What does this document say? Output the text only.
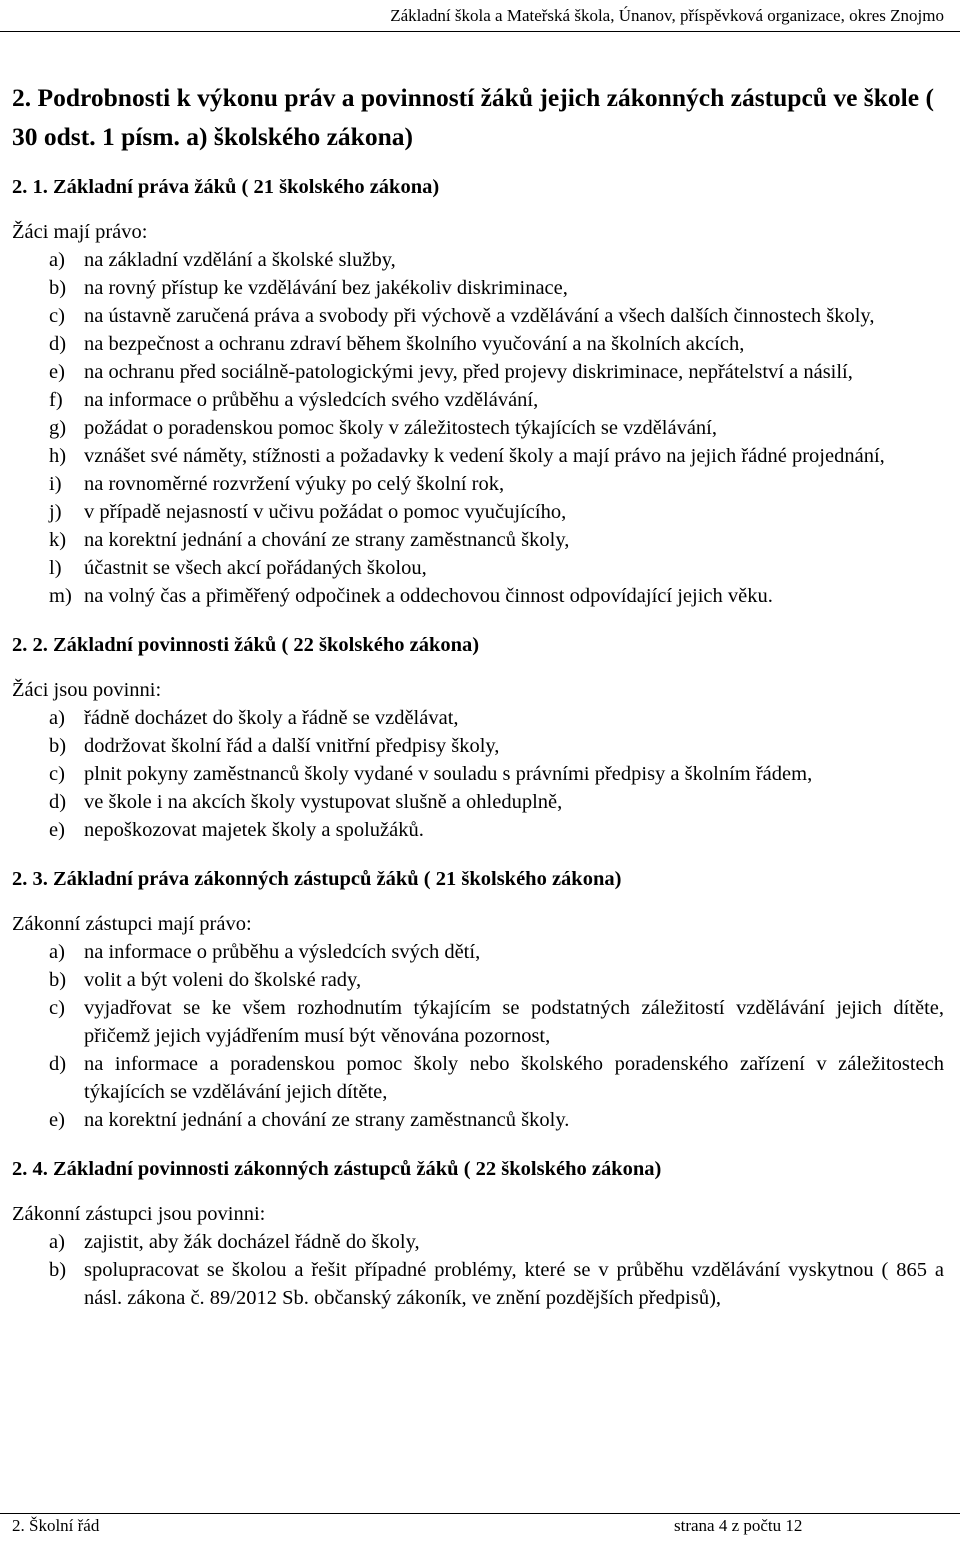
Základní škola a Mateřská škola, Únanov, příspěvková organizace, okres Znojmo
2. Podrobnosti k výkonu práv a povinností žáků jejich zákonných zástupců ve škole ( 30 odst. 1 písm. a) školského zákona)
2. 1. Základní práva žáků ( 21 školského zákona)

Žáci mají právo:

a) na základní vzdělání a školské služby,
b) na rovný přístup ke vzdělávání bez jakékoliv diskriminace,
c) na ústavně zaručená práva a svobody při výchově a vzdělávání a všech dalších činnostech školy,
d) na bezpečnost a ochranu zdraví během školního vyučování a na školních akcích,
e) na ochranu před sociálně-patologickými jevy, před projevy diskriminace, nepřátelství a násilí,
f)	na informace o průběhu a výsledcích svého vzdělávání,
g) požádat o poradenskou pomoc školy v záležitostech týkajících se vzdělávání,
h) vznášet své náměty, stížnosti a požadavky k vedení školy a mají právo na jejich řádné projednání,
i)	na rovnoměrné rozvržení výuky po celý školní rok,
j)	v případě nejasností v učivu požádat o pomoc vyučujícího,
k) na korektní jednání a chování ze strany zaměstnanců školy,
l)	účastnit se všech akcí pořádaných školou,
m) na volný čas a přiměřený odpočinek a oddechovou činnost odpovídající jejich věku.
2. 2. Základní povinnosti žáků ( 22 školského zákona)

Žáci jsou povinni:

a) řádně docházet do školy a řádně se vzdělávat,
b) dodržovat školní řád a další vnitřní předpisy školy,
c) plnit pokyny zaměstnanců školy vydané v souladu s právními předpisy a školním řádem,
d) ve škole i na akcích školy vystupovat slušně a ohleduplně,
e) nepoškozovat majetek školy a spolužáků.
2. 3. Základní práva zákonných zástupců žáků ( 21 školského zákona)

Zákonní zástupci mají právo:

a) na informace o průběhu a výsledcích svých dětí,
b) volit a být voleni do školské rady,
c) vyjadřovat se ke všem rozhodnutím týkajícím se podstatných záležitostí vzdělávání jejich dítěte, přičemž jejich vyjádřením musí být věnována pozornost,
d) na informace a poradenskou pomoc školy nebo školského poradenského zařízení v záležitostech týkajících se vzdělávání jejich dítěte,
e) na korektní jednání a chování ze strany zaměstnanců školy.
2. 4. Základní povinnosti zákonných zástupců žáků ( 22 školského zákona)

Zákonní zástupci jsou povinni:

a) zajistit, aby žák docházel řádně do školy,
b) spolupracovat se školou a řešit případné problémy, které se v průběhu vzdělávání vyskytnou ( 865 a násl. zákona č. 89/2012 Sb. občanský zákoník, ve znění pozdějších předpisů),
2. Školní řád	strana 4 z počtu 12
